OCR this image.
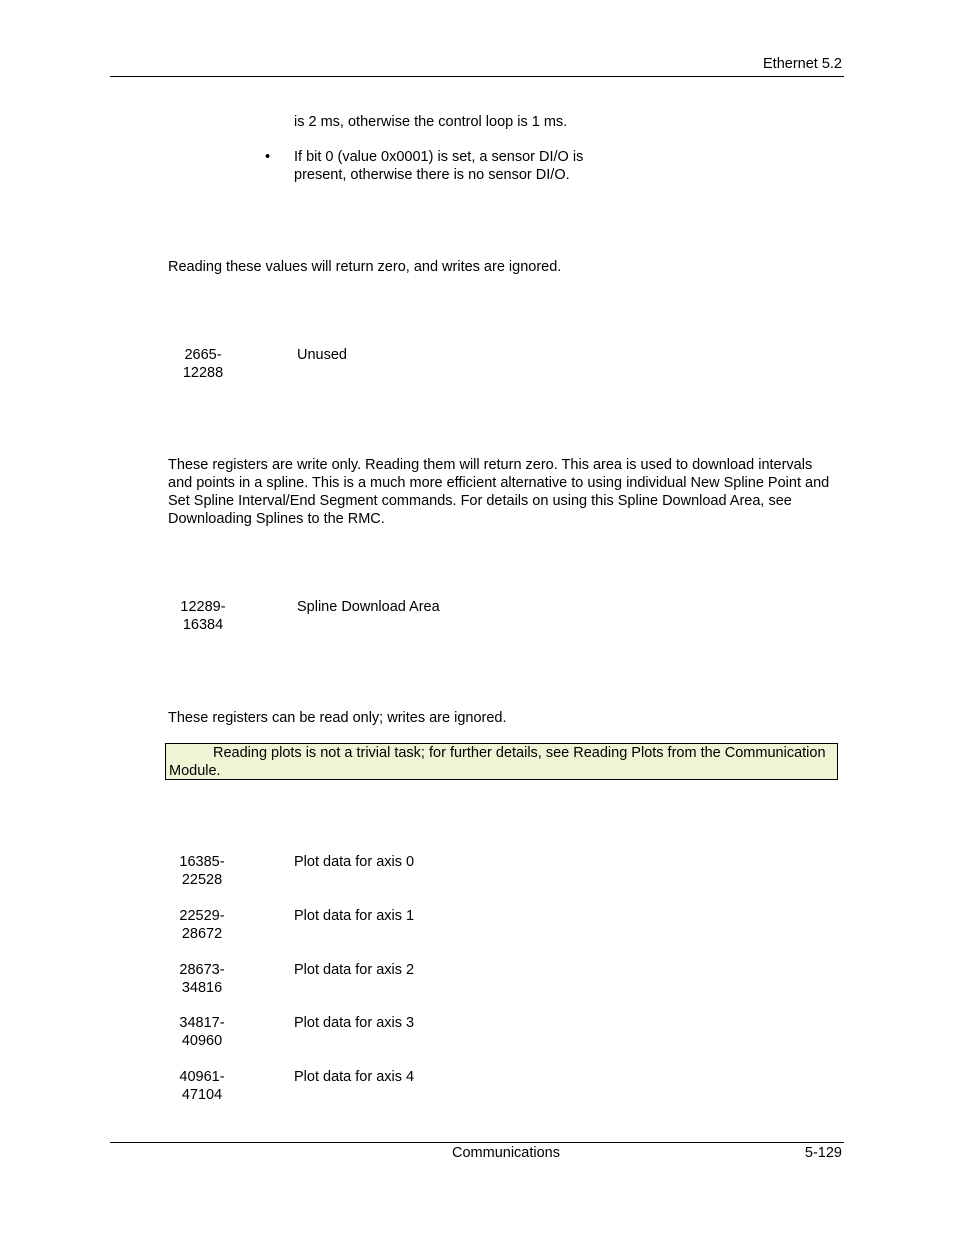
Ethernet 5.2
is 2 ms, otherwise the control loop is 1 ms.
• If bit 0 (value 0x0001) is set, a sensor DI/O is present, otherwise there is no sensor DI/O.
Reading these values will return zero, and writes are ignored.
2665-
12288
Unused
These registers are write only. Reading them will return zero. This area is used to download intervals and points in a spline. This is a much more efficient alternative to using individual New Spline Point and Set Spline Interval/End Segment commands. For details on using this Spline Download Area, see Downloading Splines to the RMC.
12289-
16384
Spline Download Area
These registers can be read only; writes are ignored.
Reading plots is not a trivial task; for further details, see Reading Plots from the Communication Module.
16385-
22528
Plot data for axis 0
22529-
28672
Plot data for axis 1
28673-
34816
Plot data for axis 2
34817-
40960
Plot data for axis 3
40961-
47104
Plot data for axis 4
Communications	5-129
